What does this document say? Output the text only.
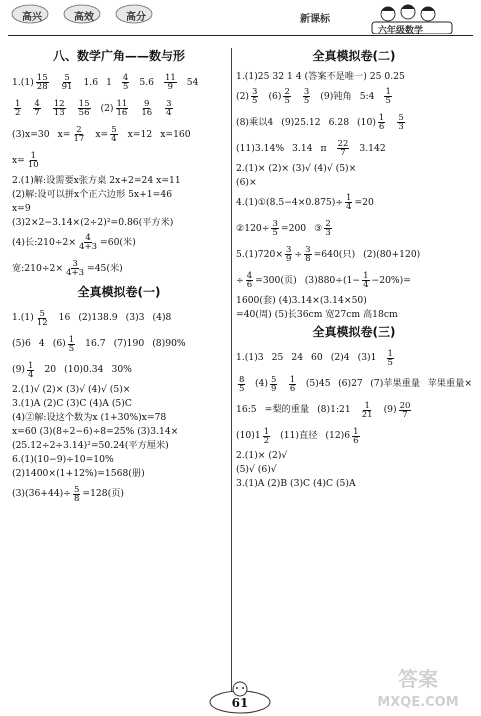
高兴	高效	高分	新课标
六年级数学
八、数学广角——数与形
$1.(1) \frac{15}{28} \frac{5}{91} 1.6$ $1 \frac{4}{5} 5.6 \frac{11}{9} 54$
$\frac{1}{2} \frac{4}{7} \frac{12}{13} \frac{15}{56} (2) \frac{11}{16} \frac{9}{16} \frac{3}{4}$
(3)x=30 $x= \frac{2}{17} x= \frac{5}{4} x=12$ x=160
$x= \frac{1}{10}$
2.(1)解:设需要x张方桌 2x+2=24 x=11
(2)解:设可以拼x个正六边形 5x+1=46
x=9
(3)2×2−3.14×(2÷2)²=0.86(平方米)
(4)长:210÷2× $\frac{4}{4+3} =60$(米)
宽:210÷2× $\frac{3}{4+3} =45$(米)
全真模拟卷(一)
$1.(1) \frac{5}{12} 16$ (2)138.9 (3)3 (4)8
(5)6 4 $(6) \frac{1}{5} 16.7$ (7)190 (8)90%
$(9) \frac{1}{4} 20$ (10)0.34 30%
2.(1)√ (2)× (3)√ (4)√ (5)×
3.(1)A (2)C (3)C (4)A (5)C
(4)②解:设这个数为x (1+30%)x=78
x=60 (3)(8÷2−6)÷8=25% (3)3.14×
(25.12÷2÷3.14)²=50.24(平方厘米)
6.(1)(10−9)÷10=10%
(2)1400×(1+12%)=1568(册)
$(3)(36+44)\div \frac{5}{8} =128$(页)
全真模拟卷(二)
1.(1)25 32 1 4 (答案不是唯一) 25 0.25
$(2) \frac{3}{5} (6) \frac{2}{5} \frac{3}{5} (9)$钝角 5:4 $\frac{1}{5}$
(8)乘以4 (9)25.12 6.28 $(10) \frac{1}{6} \frac{5}{3}$
(11)3.14% 3.14 π $\frac{22}{7} 3.142$
2.(1)× (2)× (3)√ (4)√ (5)×
(6)×
4.(1)①(8.5−4×0.875)÷ $\frac{1}{4} =20$
②120÷ $\frac{3}{5} =200$ ③ $\frac{2}{3}$
$5.(1)720\times \frac{3}{9} \div \frac{3}{8} =640$(只) (2)(80+120)
÷ $\frac{4}{6} =300$(页) $(3)880\div(1- \frac{1}{4} -20\%)=$
1600(套) (4)3.14×(3.14×50)
=40(周) (5)长36cm 宽27cm 高18cm
全真模拟卷(三)
1.(1)3 25 24 60 (2)4 $(3)1 \frac{1}{5}$
$\frac{8}{5} (4) \frac{5}{9} \frac{1}{6} (5)45$ (6)27 (7)苹果重量 苹果重量×
16:5 =梨的重量 (8)1:21 $\frac{1}{21} (9) \frac{20}{7}$
$(10)1 \frac{1}{2} (11)$直径 $(12)6 \frac{1}{6}$
2.(1)× (2)√
(5)√ (6)√
3.(1)A (2)B (3)C (4)C (5)A
61
答案
MXQE.COM
